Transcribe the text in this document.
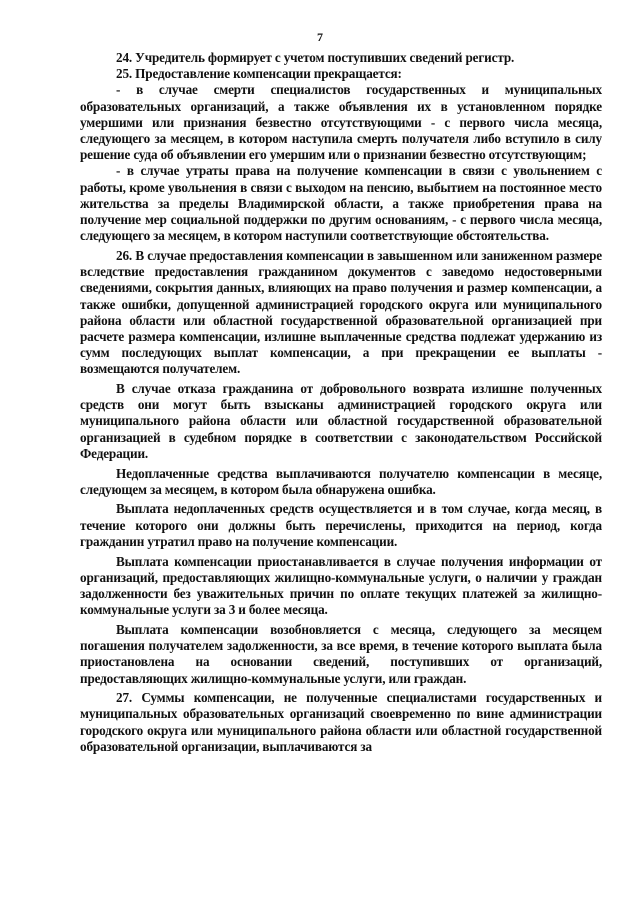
7

24. Учредитель формирует с учетом поступивших сведений регистр.

25. Предоставление компенсации прекращается:

- в случае смерти специалистов государственных и муниципальных образовательных организаций, а также объявления их в установленном порядке умершими или признания безвестно отсутствующими - с первого числа месяца, следующего за месяцем, в котором наступила смерть получателя либо вступило в силу решение суда об объявлении его умершим или о признании безвестно отсутствующим;

- в случае утраты права на получение компенсации в связи с увольнением с работы, кроме увольнения в связи с выходом на пенсию, выбытием на постоянное место жительства за пределы Владимирской области, а также приобретения права на получение мер социальной поддержки по другим основаниям, - с первого числа месяца, следующего за месяцем, в котором наступили соответствующие обстоятельства.

26. В случае предоставления компенсации в завышенном или заниженном размере вследствие предоставления гражданином документов с заведомо недостоверными сведениями, сокрытия данных, влияющих на право получения и размер компенсации, а также ошибки, допущенной администрацией городского округа или муниципального района области или областной государственной образовательной организацией при расчете размера компенсации, излишне выплаченные средства подлежат удержанию из сумм последующих выплат компенсации, а при прекращении ее выплаты - возмещаются получателем.

В случае отказа гражданина от добровольного возврата излишне полученных средств они могут быть взысканы администрацией городского округа или муниципального района области или областной государственной образовательной организацией в судебном порядке в соответствии с законодательством Российской Федерации.

Недоплаченные средства выплачиваются получателю компенсации в месяце, следующем за месяцем, в котором была обнаружена ошибка.

Выплата недоплаченных средств осуществляется и в том случае, когда месяц, в течение которого они должны быть перечислены, приходится на период, когда гражданин утратил право на получение компенсации.

Выплата компенсации приостанавливается в случае получения информации от организаций, предоставляющих жилищно-коммунальные услуги, о наличии у граждан задолженности без уважительных причин по оплате текущих платежей за жилищно-коммунальные услуги за 3 и более месяца.

Выплата компенсации возобновляется с месяца, следующего за месяцем погашения получателем задолженности, за все время, в течение которого выплата была приостановлена на основании сведений, поступивших от организаций, предоставляющих жилищно-коммунальные услуги, или граждан.

27. Суммы компенсации, не полученные специалистами государственных и муниципальных образовательных организаций своевременно по вине администрации городского округа или муниципального района области или областной государственной образовательной организации, выплачиваются за
